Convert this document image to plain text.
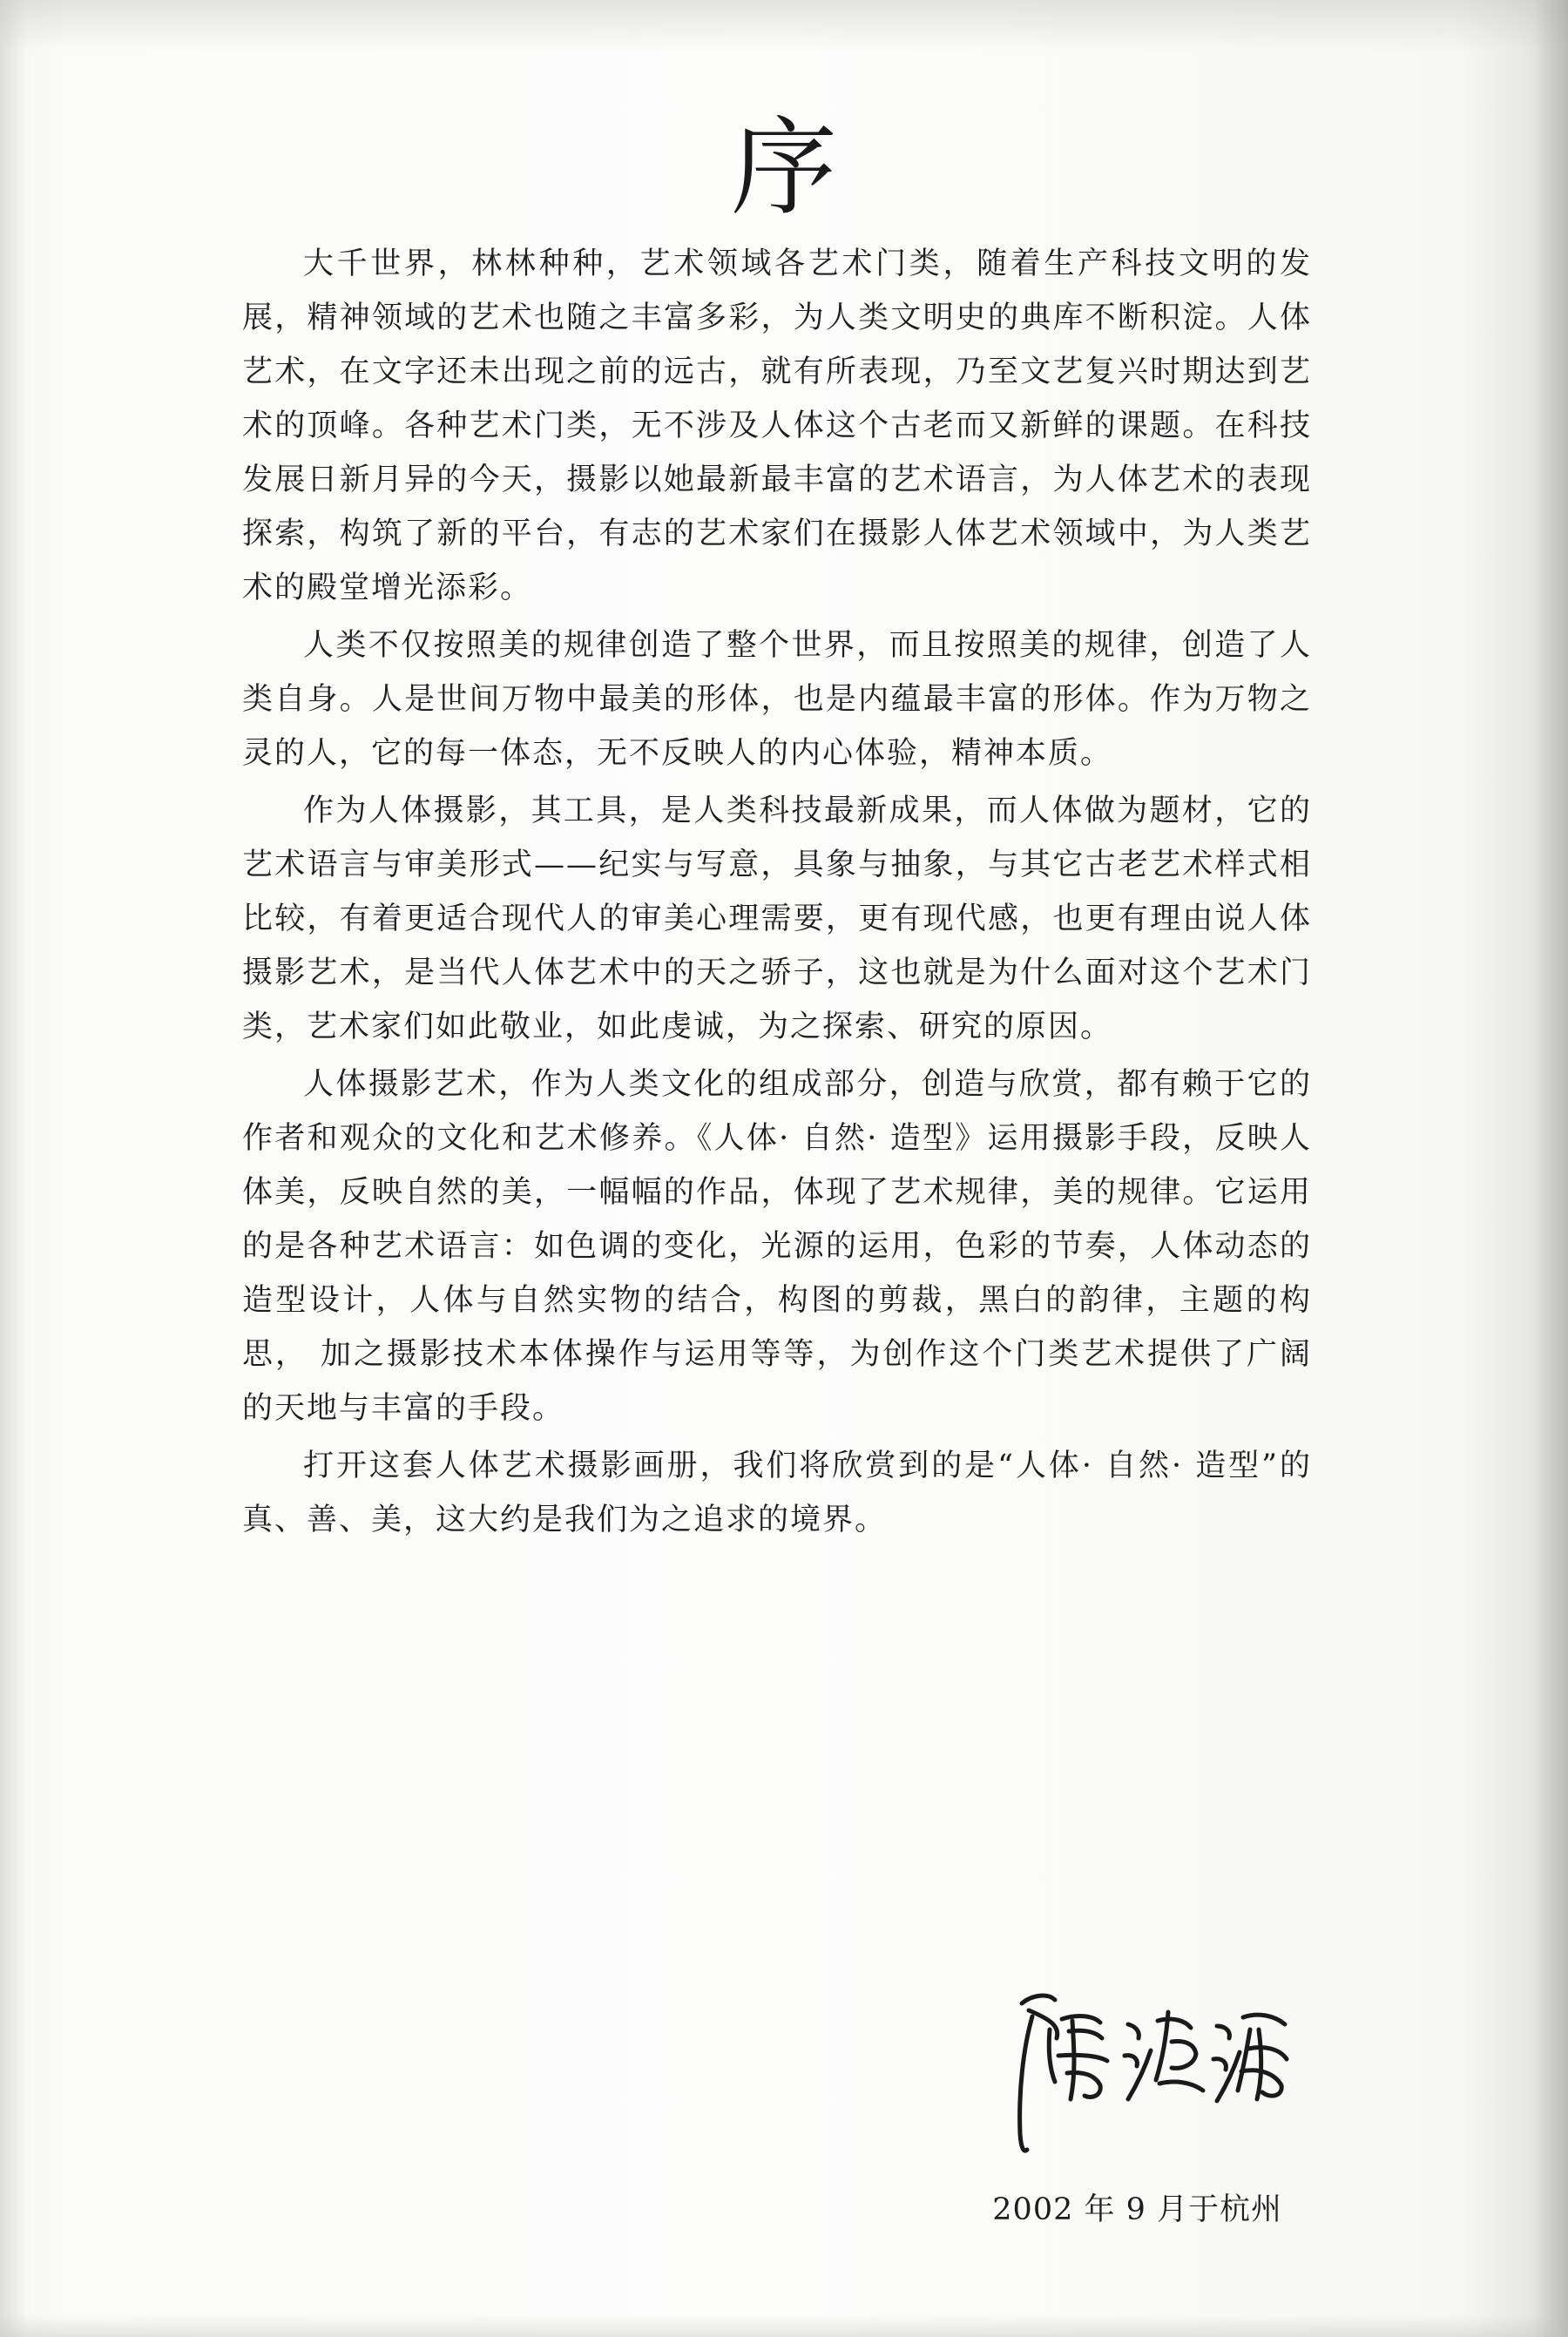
序

大千世界，林林种种，艺术领域各艺术门类，随着生产科技文明的发展，精神领域的艺术也随之丰富多彩，为人类文明史的典库不断积淀。人体艺术，在文字还未出现之前的远古，就有所表现，乃至文艺复兴时期达到艺术的顶峰。各种艺术门类，无不涉及人体这个古老而又新鲜的课题。在科技发展日新月异的今天，摄影以她最新最丰富的艺术语言，为人体艺术的表现探索，构筑了新的平台，有志的艺术家们在摄影人体艺术领域中，为人类艺术的殿堂增光添彩。

人类不仅按照美的规律创造了整个世界，而且按照美的规律，创造了人类自身。人是世间万物中最美的形体，也是内蕴最丰富的形体。作为万物之灵的人，它的每一体态，无不反映人的内心体验，精神本质。

作为人体摄影，其工具，是人类科技最新成果，而人体做为题材，它的艺术语言与审美形式——纪实与写意，具象与抽象，与其它古老艺术样式相比较，有着更适合现代人的审美心理需要，更有现代感，也更有理由说人体摄影艺术，是当代人体艺术中的天之骄子，这也就是为什么面对这个艺术门类，艺术家们如此敬业，如此虔诚，为之探索、研究的原因。

人体摄影艺术，作为人类文化的组成部分，创造与欣赏，都有赖于它的作者和观众的文化和艺术修养。《人体· 自然· 造型》运用摄影手段，反映人体美，反映自然的美，一幅幅的作品，体现了艺术规律，美的规律。它运用的是各种艺术语言：如色调的变化，光源的运用，色彩的节奏，人体动态的造型设计，人体与自然实物的结合，构图的剪裁，黑白的韵律，主题的构思， 加之摄影技术本体操作与运用等等，为创作这个门类艺术提供了广阔的天地与丰富的手段。

打开这套人体艺术摄影画册，我们将欣赏到的是“人体· 自然· 造型”的真、善、美，这大约是我们为之追求的境界。

2002 年 9 月于杭州
